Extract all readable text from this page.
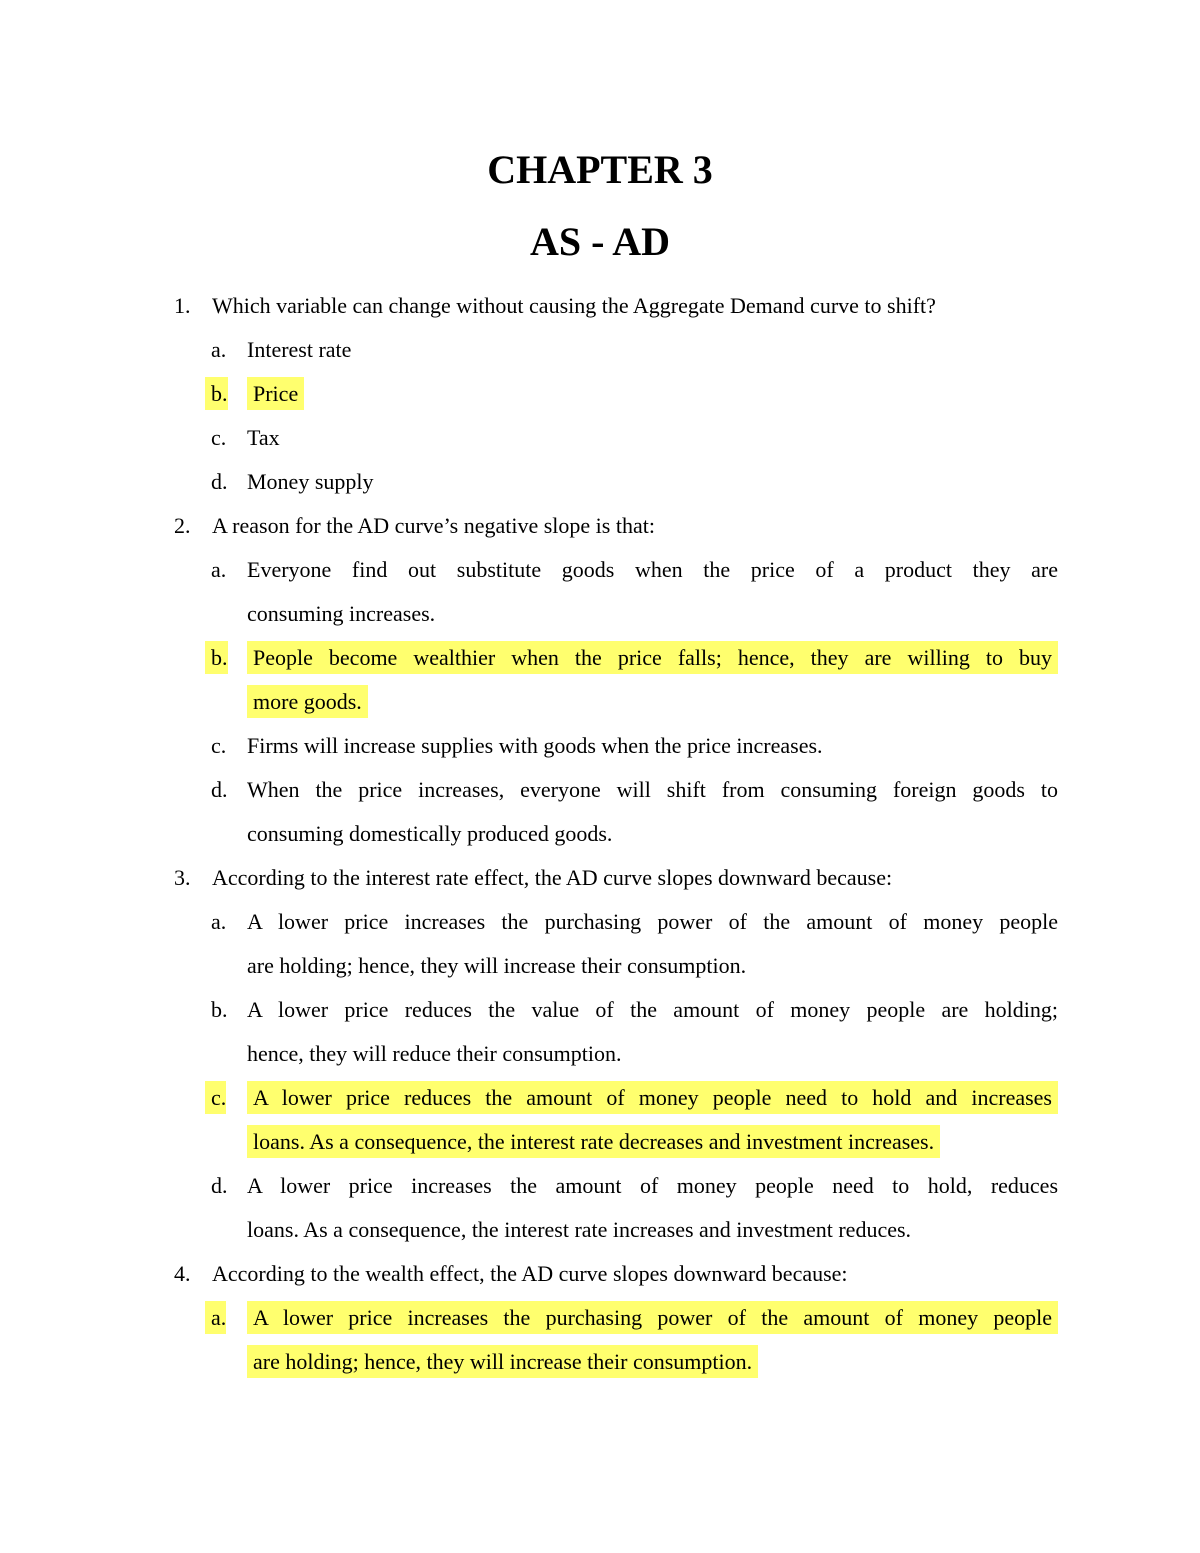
CHAPTER 3
AS - AD
1. Which variable can change without causing the Aggregate Demand curve to shift?
a. Interest rate
b. Price
c. Tax
d. Money supply
2. A reason for the AD curve’s negative slope is that:
a. Everyone find out substitute goods when the price of a product they are
consuming increases.
b. People become wealthier when the price falls; hence, they are willing to buy
more goods.
c. Firms will increase supplies with goods when the price increases.
d. When the price increases, everyone will shift from consuming foreign goods to
consuming domestically produced goods.
3. According to the interest rate effect, the AD curve slopes downward because:
a. A lower price increases the purchasing power of the amount of money people
are holding; hence, they will increase their consumption.
b. A lower price reduces the value of the amount of money people are holding;
hence, they will reduce their consumption.
c. A lower price reduces the amount of money people need to hold and increases
loans. As a consequence, the interest rate decreases and investment increases.
d. A lower price increases the amount of money people need to hold, reduces
loans. As a consequence, the interest rate increases and investment reduces.
4. According to the wealth effect, the AD curve slopes downward because:
a. A lower price increases the purchasing power of the amount of money people
are holding; hence, they will increase their consumption.
